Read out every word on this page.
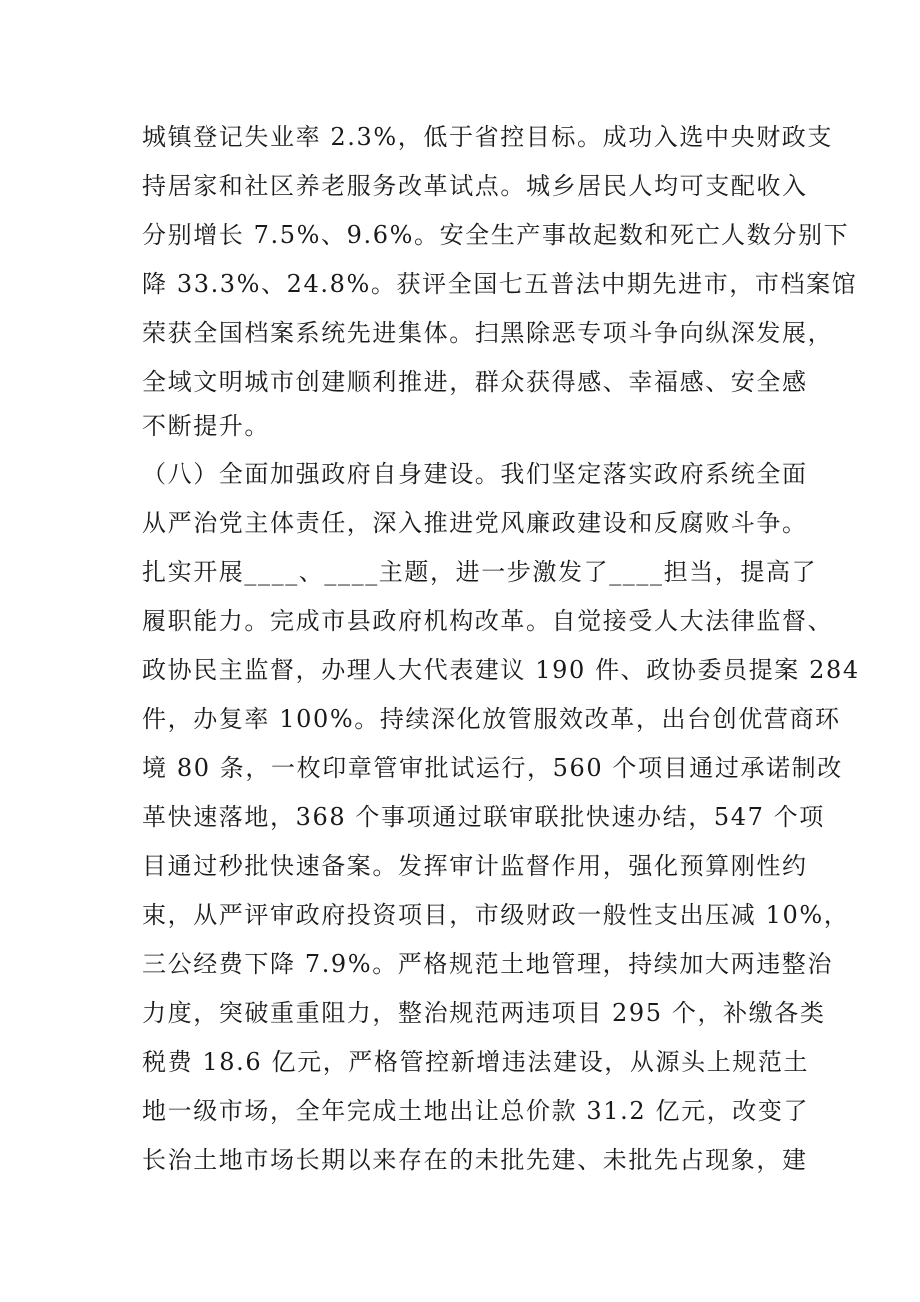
城镇登记失业率 2.3%，低于省控目标。成功入选中央财政支
持居家和社区养老服务改革试点。城乡居民人均可支配收入
分别增长 7.5%、9.6%。安全生产事故起数和死亡人数分别下
降 33.3%、24.8%。获评全国七五普法中期先进市，市档案馆
荣获全国档案系统先进集体。扫黑除恶专项斗争向纵深发展，
全域文明城市创建顺利推进，群众获得感、幸福感、安全感
不断提升。
（八）全面加强政府自身建设。我们坚定落实政府系统全面
从严治党主体责任，深入推进党风廉政建设和反腐败斗争。
扎实开展____、____主题，进一步激发了____担当，提高了
履职能力。完成市县政府机构改革。自觉接受人大法律监督、
政协民主监督，办理人大代表建议 190 件、政协委员提案 284
件，办复率 100%。持续深化放管服效改革，出台创优营商环
境 80 条，一枚印章管审批试运行，560 个项目通过承诺制改
革快速落地，368 个事项通过联审联批快速办结，547 个项
目通过秒批快速备案。发挥审计监督作用，强化预算刚性约
束，从严评审政府投资项目，市级财政一般性支出压减 10%，
三公经费下降 7.9%。严格规范土地管理，持续加大两违整治
力度，突破重重阻力，整治规范两违项目 295 个，补缴各类
税费 18.6 亿元，严格管控新增违法建设，从源头上规范土
地一级市场，全年完成土地出让总价款 31.2 亿元，改变了
长治土地市场长期以来存在的未批先建、未批先占现象，建
